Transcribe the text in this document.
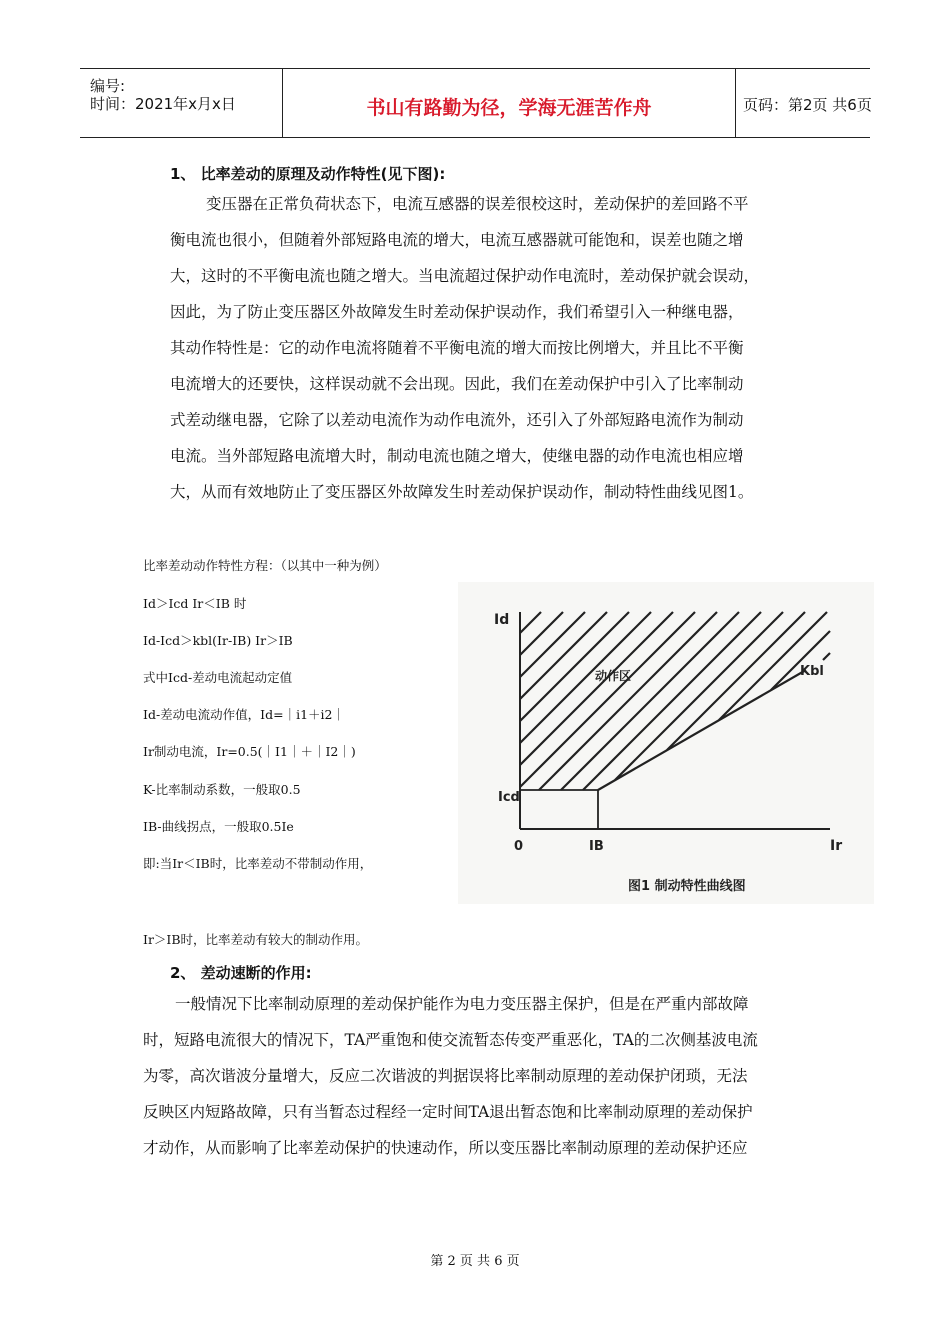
编号:
时间：2021年x月x日	书山有路勤为径，学海无涯苦作舟	页码：第2页 共6页
1、 比率差动的原理及动作特性(见下图):
变压器在正常负荷状态下，电流互感器的误差很校这时，差动保护的差回路不平
衡电流也很小，但随着外部短路电流的增大，电流互感器就可能饱和，误差也随之增
大，这时的不平衡电流也随之增大。当电流超过保护动作电流时，差动保护就会误动，
因此，为了防止变压器区外故障发生时差动保护误动作，我们希望引入一种继电器，
其动作特性是：它的动作电流将随着不平衡电流的增大而按比例增大，并且比不平衡
电流增大的还要快，这样误动就不会出现。因此，我们在差动保护中引入了比率制动
式差动继电器，它除了以差动电流作为动作电流外，还引入了外部短路电流作为制动
电流。当外部短路电流增大时，制动电流也随之增大，使继电器的动作电流也相应增
大，从而有效地防止了变压器区外故障发生时差动保护误动作，制动特性曲线见图1。
比率差动动作特性方程：（以其中一种为例）
Id＞Icd Ir＜IB 时
Id-Icd＞kbl(Ir-IB) Ir＞IB
式中Icd-差动电流起动定值
Id-差动电流动作值，Id=｜i1＋i2｜
Ir制动电流，Ir=0.5(｜I1｜＋｜I2｜)
K-比率制动系数，一般取0.5
IB-曲线拐点，一般取0.5Ie
即:当Ir＜IB时，比率差动不带制动作用，
Ir＞IB时，比率差动有较大的制动作用。
Id
Icd
0	IB	Ir
动作区	Kbl
图1 制动特性曲线图
2、 差动速断的作用:
一般情况下比率制动原理的差动保护能作为电力变压器主保护，但是在严重内部故障
时，短路电流很大的情况下，TA严重饱和使交流暂态传变严重恶化，TA的二次侧基波电流
为零，高次谐波分量增大，反应二次谐波的判据误将比率制动原理的差动保护闭琐，无法
反映区内短路故障，只有当暂态过程经一定时间TA退出暂态饱和比率制动原理的差动保护
才动作，从而影响了比率差动保护的快速动作，所以变压器比率制动原理的差动保护还应
第 2 页 共 6 页
